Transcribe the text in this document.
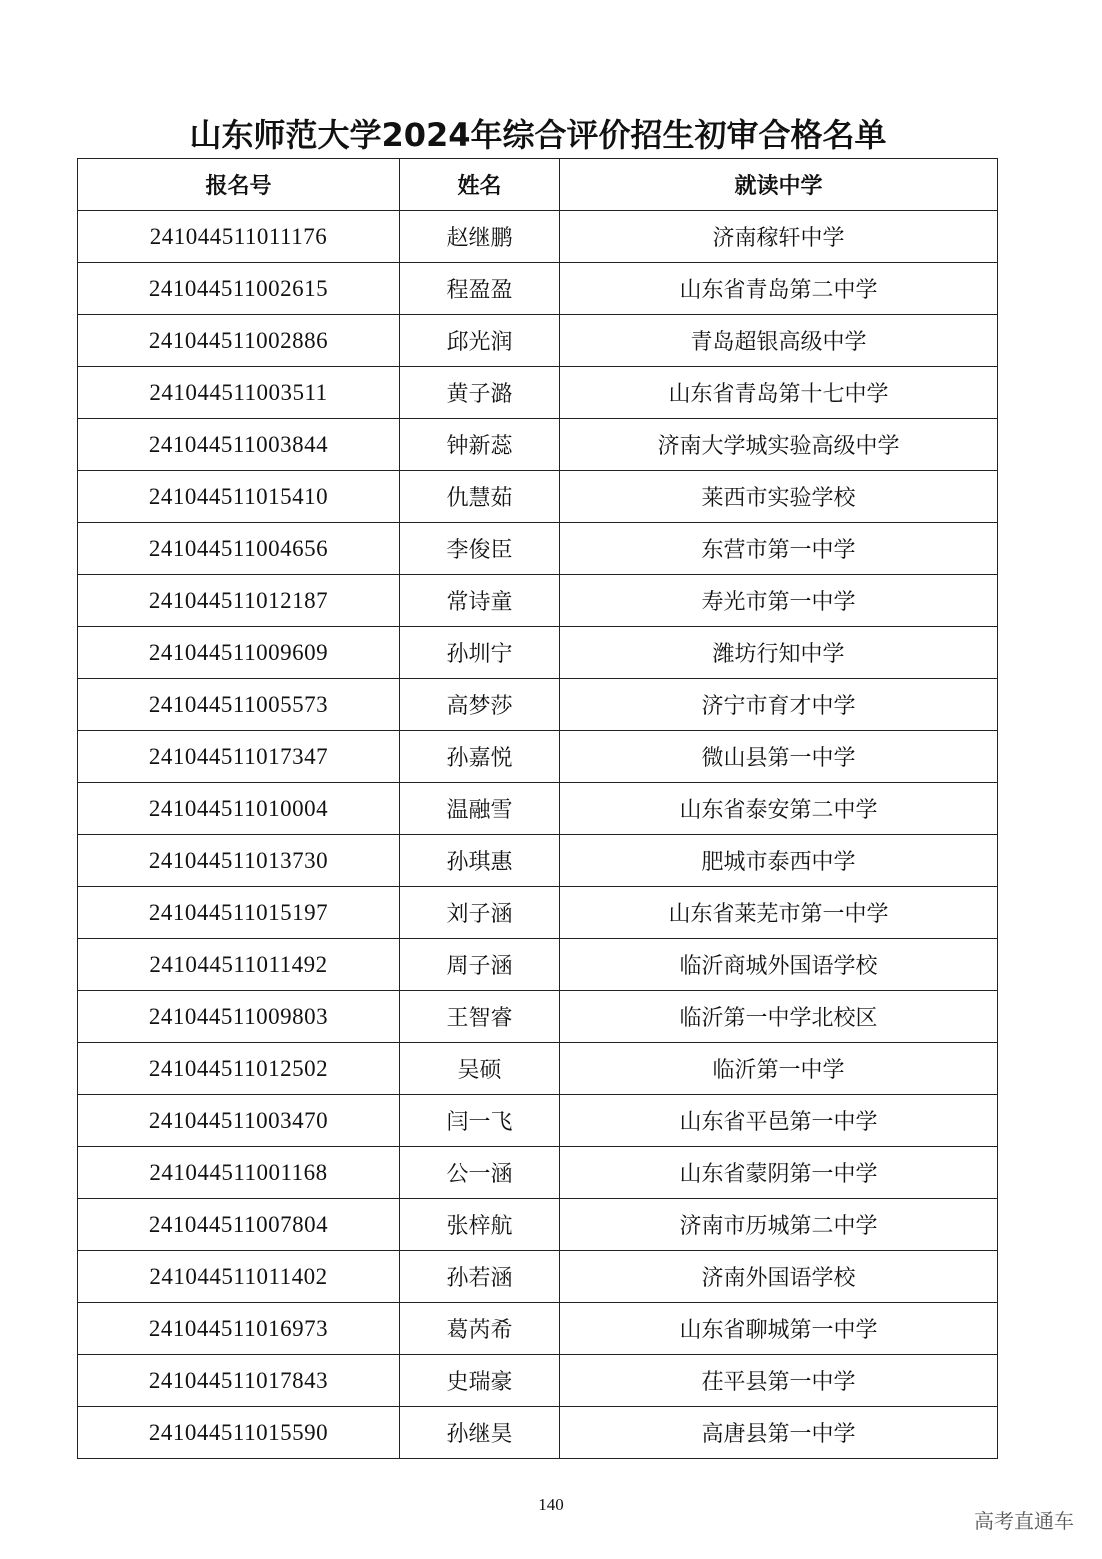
山东师范大学2024年综合评价招生初审合格名单
报名号	姓名	就读中学
241044511011176	赵继鹏	济南稼轩中学
241044511002615	程盈盈	山东省青岛第二中学
241044511002886	邱光润	青岛超银高级中学
241044511003511	黄子潞	山东省青岛第十七中学
241044511003844	钟新蕊	济南大学城实验高级中学
241044511015410	仇慧茹	莱西市实验学校
241044511004656	李俊臣	东营市第一中学
241044511012187	常诗童	寿光市第一中学
241044511009609	孙圳宁	潍坊行知中学
241044511005573	高梦莎	济宁市育才中学
241044511017347	孙嘉悦	微山县第一中学
241044511010004	温融雪	山东省泰安第二中学
241044511013730	孙琪惠	肥城市泰西中学
241044511015197	刘子涵	山东省莱芜市第一中学
241044511011492	周子涵	临沂商城外国语学校
241044511009803	王智睿	临沂第一中学北校区
241044511012502	吴硕	临沂第一中学
241044511003470	闫一飞	山东省平邑第一中学
241044511001168	公一涵	山东省蒙阴第一中学
241044511007804	张梓航	济南市历城第二中学
241044511011402	孙若涵	济南外国语学校
241044511016973	葛芮希	山东省聊城第一中学
241044511017843	史瑞豪	茌平县第一中学
241044511015590	孙继昊	高唐县第一中学
140
高考直通车
